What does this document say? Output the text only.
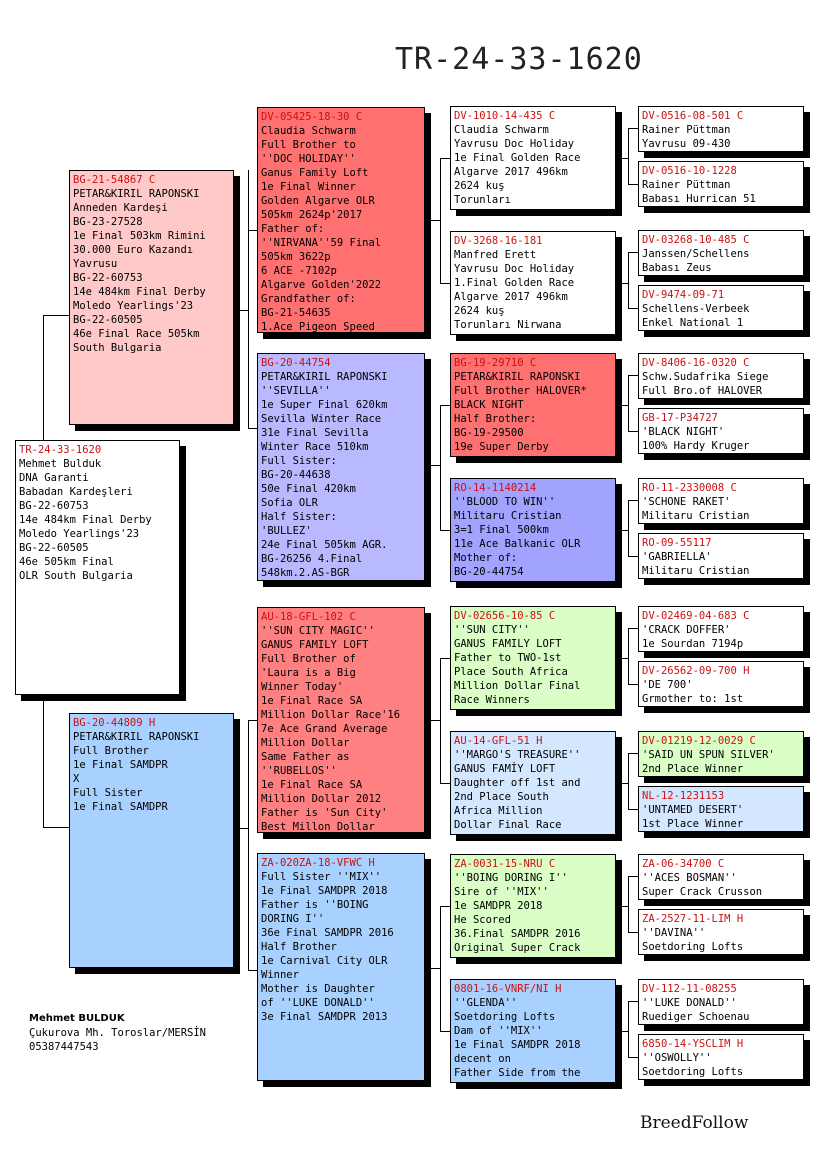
TR-24-33-1620
TR-24-33-1620
Mehmet Bulduk
DNA Garanti
Babadan Kardeşleri
BG-22-60753
14e 484km Final Derby
Moledo Yearlings'23
BG-22-60505
46e 505km Final
OLR South Bulgaria
BG-21-54867 C
PETAR&KIRIL RAPONSKI
Anneden Kardeşi
BG-23-27528
1e Final 503km Rimini
30.000 Euro Kazandı
Yavrusu
BG-22-60753
14e 484km Final Derby
Moledo Yearlings'23
BG-22-60505
46e Final Race 505km
South Bulgaria
BG-20-44809 H
PETAR&KIRIL RAPONSKI
Full Brother
1e Final SAMDPR
X
Full Sister
1e Final SAMDPR
DV-05425-18-30 C
Claudia Schwarm
Full Brother to
''DOC HOLIDAY''
Ganus Family Loft
1e Final Winner
Golden Algarve OLR
505km 2624p'2017
Father of:
''NIRVANA''59 Final
505km 3622p
6 ACE -7102p
Algarve Golden'2022
Grandfather of:
BG-21-54635
1.Ace Pigeon Speed
BG-20-44754
PETAR&KIRIL RAPONSKI
''SEVILLA''
1e Super Final 620km
Sevilla Winter Race
31e Final Sevilla
Winter Race 510km
Full Sister:
BG-20-44638
50e Final 420km
Sofia OLR
Half Sister:
'BULLEZ'
24e Final 505km AGR.
BG-26256 4.Final
548km.2.AS-BGR
AU-18-GFL-102 C
''SUN CITY MAGIC''
GANUS FAMILY LOFT
Full Brother of
'Laura is a Big
Winner Today'
1e Final Race SA
Million Dollar Race'16
7e Ace Grand Average
Million Dollar
Same Father as
''RUBELLOS''
1e Final Race SA
Million Dollar 2012
Father is 'Sun City'
Best Millon Dollar
ZA-020ZA-18-VFWC H
Full Sister ''MIX''
1e Final SAMDPR 2018
Father is ''BOING
DORING I''
36e Final SAMDPR 2016
Half Brother
1e Carnival City OLR
Winner
Mother is Daughter
of ''LUKE DONALD''
3e Final SAMDPR 2013
DV-1010-14-435 C
Claudia Schwarm
Yavrusu Doc Holiday
1e Final Golden Race
Algarve 2017 496km
2624 kuş
Torunları
DV-3268-16-181
Manfred Erett
Yavrusu Doc Holiday
1.Final Golden Race
Algarve 2017 496km
2624 kuş
Torunları Nirwana
BG-19-29710 C
PETAR&KIRIL RAPONSKI
Full Brother HALOVER*
BLACK NIGHT
Half Brother:
BG-19-29500
19e Super Derby
RO-14-1140214
''BLOOD TO WIN''
Militaru Cristian
3=1 Final 500km
11e Ace Balkanic OLR
Mother of:
BG-20-44754
DV-02656-10-85 C
''SUN CITY''
GANUS FAMILY LOFT
Father to TWO-1st
Place South Africa
Million Dollar Final
Race Winners
AU-14-GFL-51 H
''MARGO'S TREASURE''
GANUS FAMİY LOFT
Daughter off 1st and
2nd Place South
Africa Million
Dollar Final Race
ZA-0031-15-NRU C
''BOING DORING I''
Sire of ''MIX''
1e SAMDPR 2018
He Scored
36.Final SAMDPR 2016
Original Super Crack
0801-16-VNRF/NI H
''GLENDA''
Soetdoring Lofts
Dam of ''MIX''
1e Final SAMDPR 2018
decent on
Father Side from the
DV-0516-08-501 C
Rainer Püttman
Yavrusu 09-430
DV-0516-10-1228
Rainer Püttman
Babası Hurrican 51
DV-03268-10-485 C
Janssen/Schellens
Babası Zeus
DV-9474-09-71
Schellens-Verbeek
Enkel National 1
DV-8406-16-0320 C
Schw.Sudafrika Siege
Full Bro.of HALOVER
GB-17-P34727
'BLACK NIGHT'
100% Hardy Kruger
RO-11-2330008 C
'SCHONE RAKET'
Militaru Cristian
RO-09-55117
'GABRIELLA'
Militaru Cristian
DV-02469-04-683 C
'CRACK DOFFER'
1e Sourdan 7194p
DV-26562-09-700 H
'DE 700'
Grmother to: 1st
DV-01219-12-0029 C
'SAID UN SPUN SILVER'
2nd Place Winner
NL-12-1231153
'UNTAMED DESERT'
1st Place Winner
ZA-06-34700 C
''ACES BOSMAN''
Super Crack Crusson
ZA-2527-11-LIM H
''DAVINA''
Soetdoring Lofts
DV-112-11-08255
''LUKE DONALD''
Ruediger Schoenau
6850-14-YSCLIM H
''OSWOLLY''
Soetdoring Lofts
Mehmet BULDUK
Çukurova Mh. Toroslar/MERSİN
05387447543
BreedFollow
